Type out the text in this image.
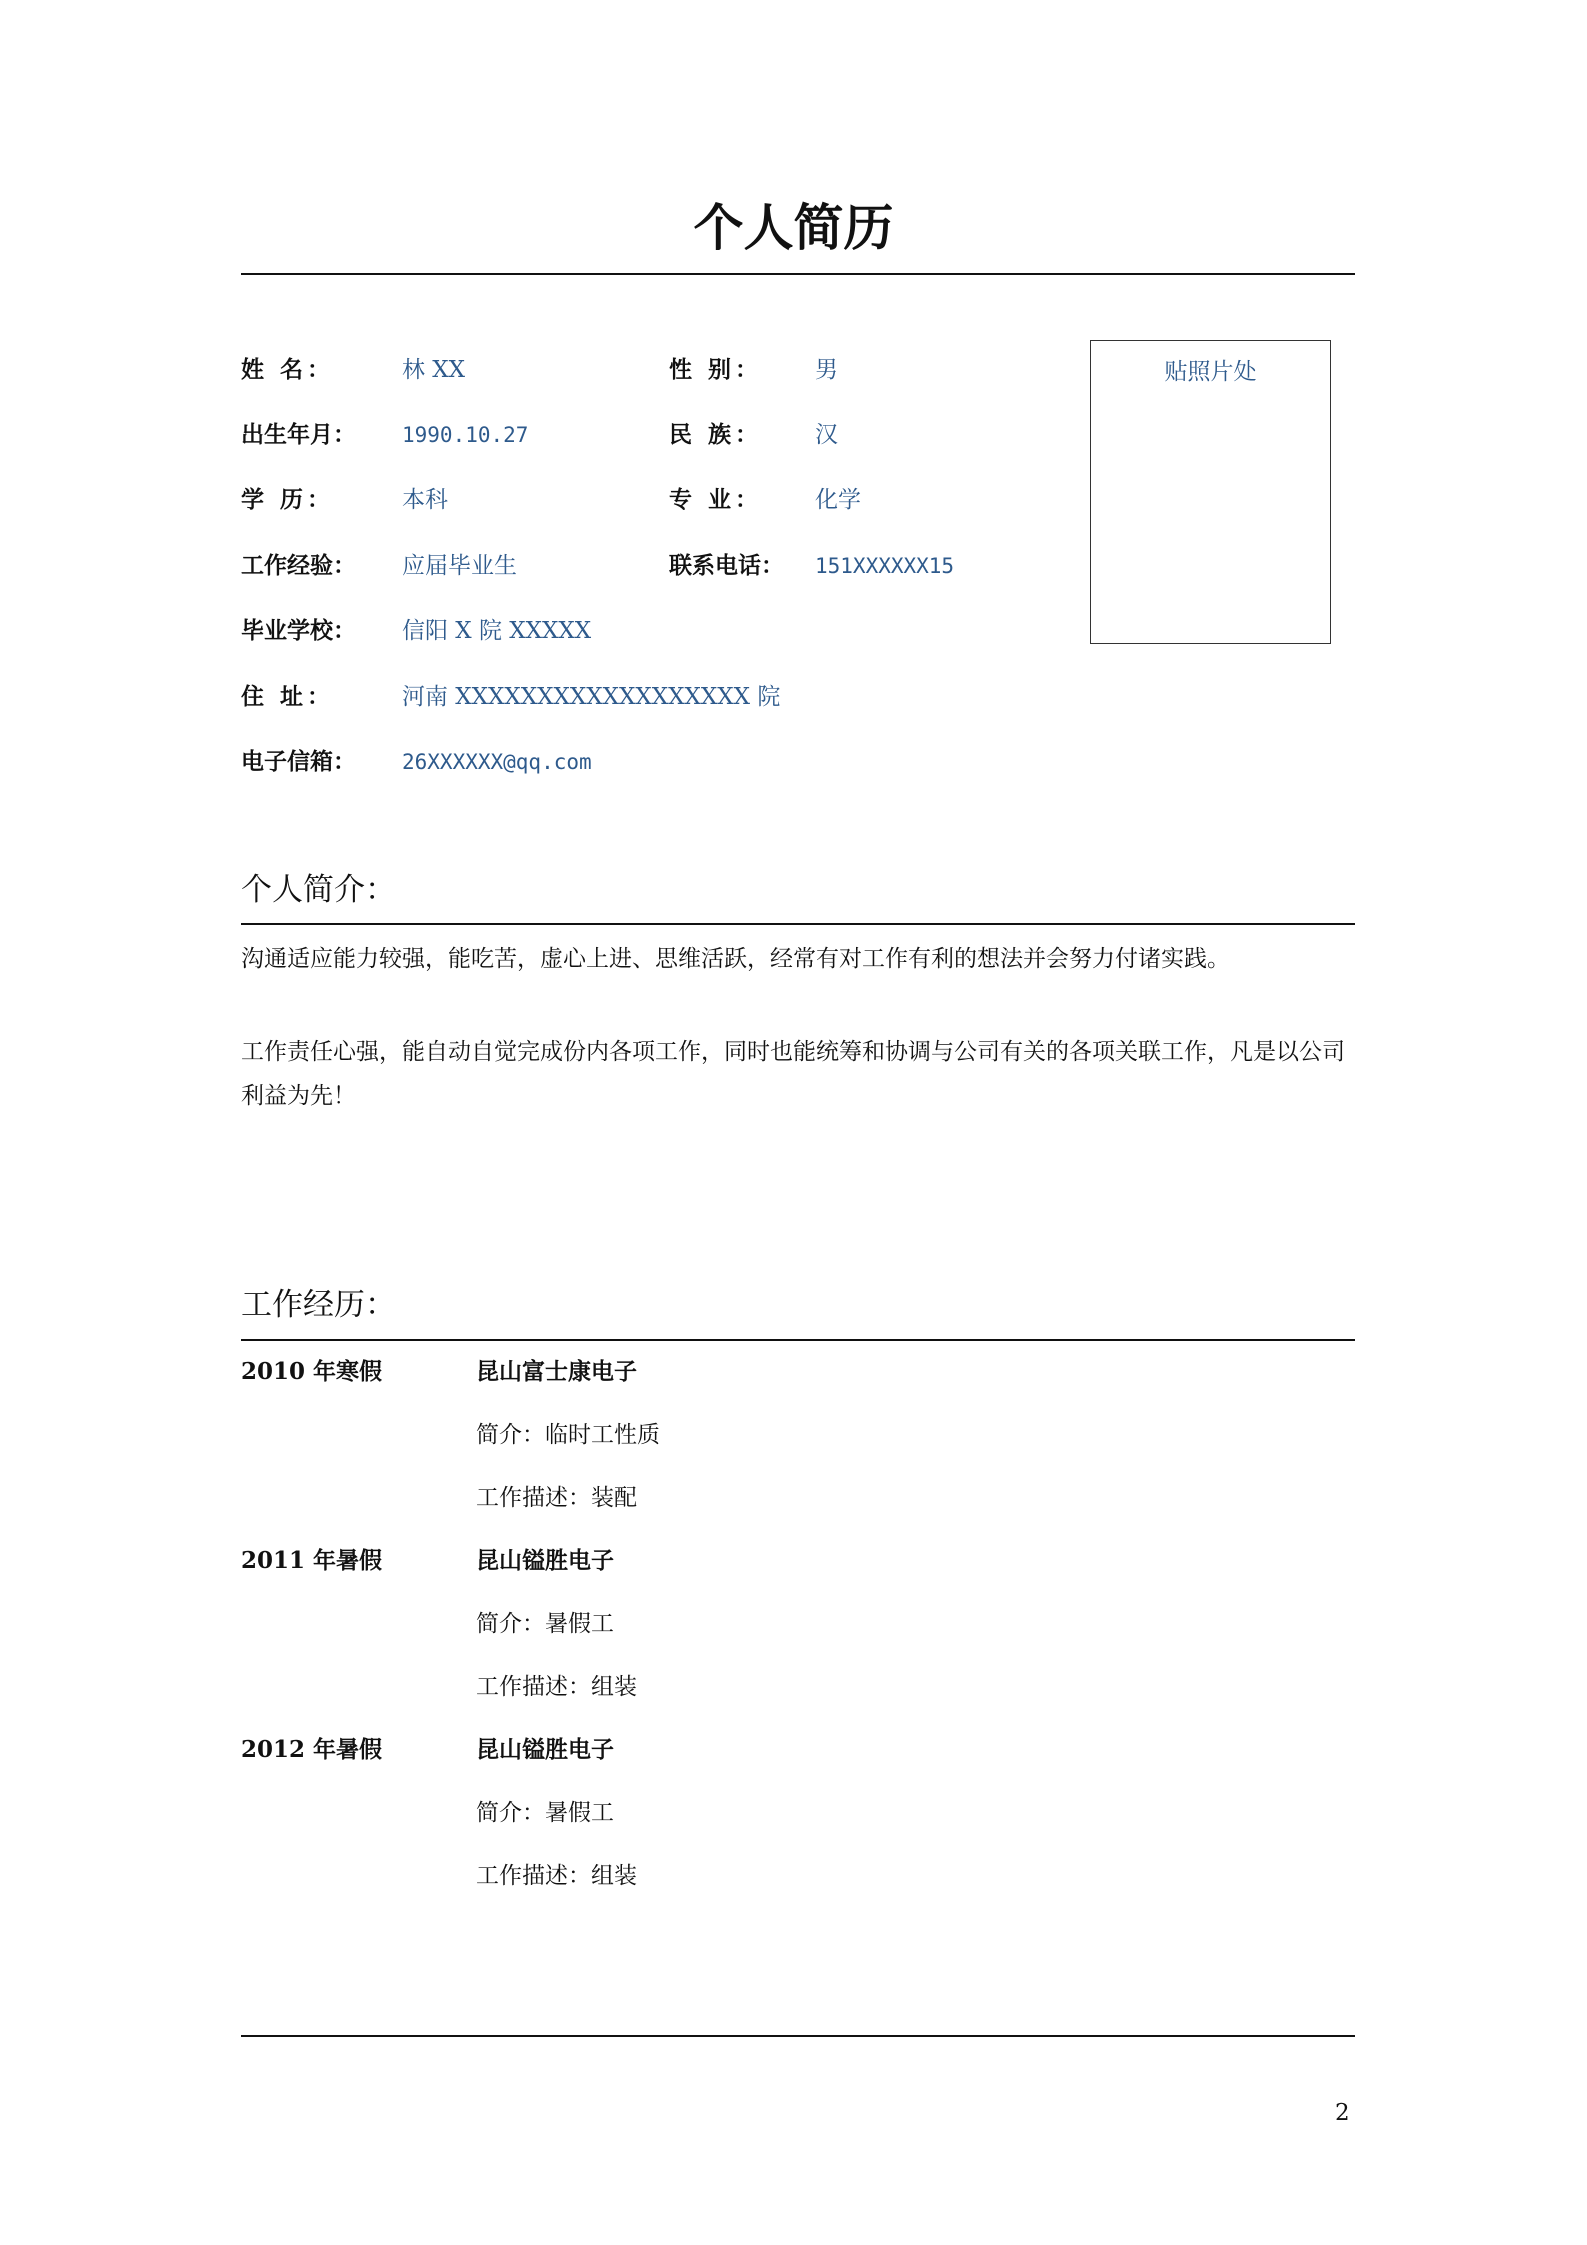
个人简历
姓 名：	林 XX	性 别： 男
出生年月： 1990.10.27	民 族： 汉
学 历：	本科	专 业： 化学
工作经验： 应届毕业生	联系电话： 151XXXXXX15
毕业学校： 信阳 X 院 XXXXX
住 址：	河南 XXXXXXXXXXXXXXXXXX 院
电子信箱： 26XXXXXX@qq.com
贴照片处
个人简介：
沟通适应能力较强，能吃苦，虚心上进、思维活跃，经常有对工作有利的想法并会努力付诸实践。
工作责任心强，能自动自觉完成份内各项工作，同时也能统筹和协调与公司有关的各项关联工作，凡是以公司利益为先！
工作经历：
2010 年寒假	昆山富士康电子
简介：临时工性质
工作描述：装配
2011 年暑假	昆山镒胜电子
简介：暑假工
工作描述：组装
2012 年暑假	昆山镒胜电子
简介：暑假工
工作描述：组装
2
